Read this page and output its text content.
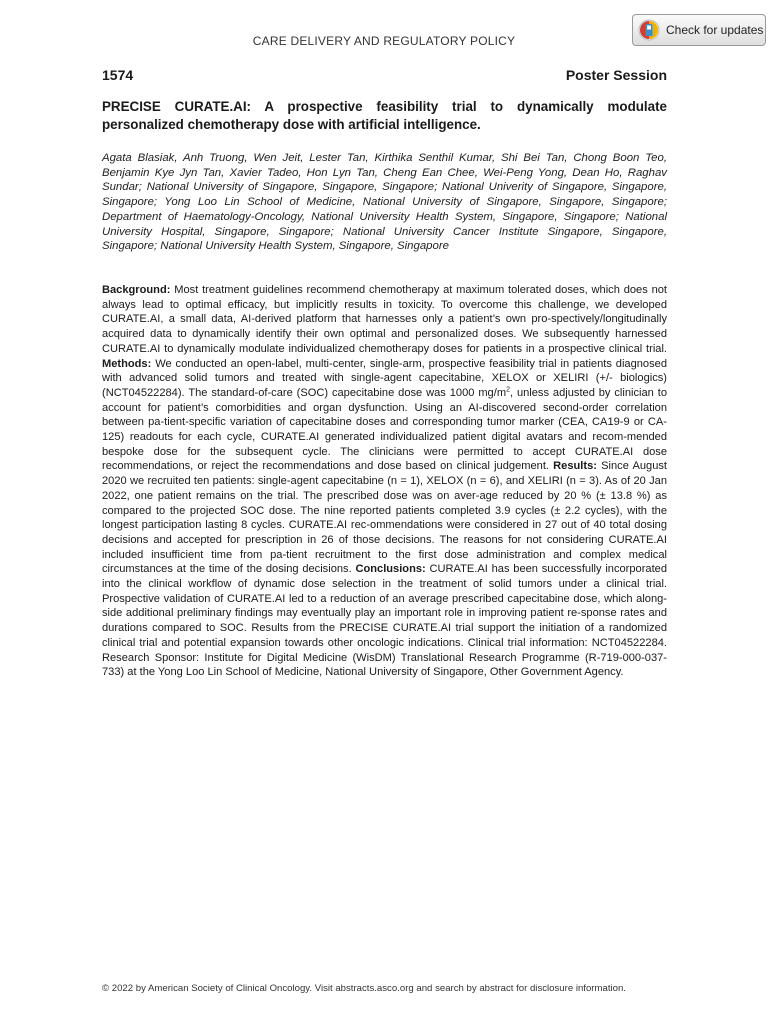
CARE DELIVERY AND REGULATORY POLICY
Check for updates
1574	Poster Session

PRECISE CURATE.AI: A prospective feasibility trial to dynamically modulate personalized chemotherapy dose with artificial intelligence.

Agata Blasiak, Anh Truong, Wen Jeit, Lester Tan, Kirthika Senthil Kumar, Shi Bei Tan, Chong Boon Teo, Benjamin Kye Jyn Tan, Xavier Tadeo, Hon Lyn Tan, Cheng Ean Chee, Wei-Peng Yong, Dean Ho, Raghav Sundar; National University of Singapore, Singapore, Singapore; National Univerity of Singapore, Singapore, Singapore; Yong Loo Lin School of Medicine, National University of Singapore, Singapore, Singapore; Department of Haematology-Oncology, National University Health System, Singapore, Singapore; National University Hospital, Singapore, Singapore; National University Cancer Institute Singapore, Singapore, Singapore; National University Health System, Singapore, Singapore

Background: Most treatment guidelines recommend chemotherapy at maximum tolerated doses, which does not always lead to optimal efficacy, but implicitly results in toxicity. To overcome this challenge, we developed CURATE.AI, a small data, AI-derived platform that harnesses only a patient’s own pro-spectively/longitudinally acquired data to dynamically identify their own optimal and personalized doses. We subsequently harnessed CURATE.AI to dynamically modulate individualized chemotherapy doses for patients in a prospective clinical trial. Methods: We conducted an open-label, multi-center, single-arm, prospective feasibility trial in patients diagnosed with advanced solid tumors and treated with single-agent capecitabine, XELOX or XELIRI (+/- biologics) (NCT04522284). The standard-of-care (SOC) capecitabine dose was 1000 $mg/m^2$, unless adjusted by clinician to account for patient’s comorbidities and organ dysfunction. Using an AI-discovered second-order correlation between pa-tient-specific variation of capecitabine doses and corresponding tumor marker (CEA, CA19-9 or CA-125) readouts for each cycle, CURATE.AI generated individualized patient digital avatars and recom-mended bespoke dose for the subsequent cycle. The clinicians were permitted to accept CURATE.AI dose recommendations, or reject the recommendations and dose based on clinical judgement. Results: Since August 2020 we recruited ten patients: single-agent capecitabine (n = 1), XELOX (n = 6), and XELIRI (n = 3). As of 20 Jan 2022, one patient remains on the trial. The prescribed dose was on aver-age reduced by 20 % (± 13.8 %) as compared to the projected SOC dose. The nine reported patients completed 3.9 cycles (± 2.2 cycles), with the longest participation lasting 8 cycles. CURATE.AI rec-ommendations were considered in 27 out of 40 total dosing decisions and accepted for prescription in 26 of those decisions. The reasons for not considering CURATE.AI included insufficient time from pa-tient recruitment to the first dose administration and complex medical circumstances at the time of the dosing decisions. Conclusions: CURATE.AI has been successfully incorporated into the clinical workflow of dynamic dose selection in the treatment of solid tumors under a clinical trial. Prospective validation of CURATE.AI led to a reduction of an average prescribed capecitabine dose, which along-side additional preliminary findings may eventually play an important role in improving patient re-sponse rates and durations compared to SOC. Results from the PRECISE CURATE.AI trial support the initiation of a randomized clinical trial and potential expansion towards other oncologic indications. Clinical trial information: NCT04522284. Research Sponsor: Institute for Digital Medicine (WisDM) Translational Research Programme (R-719-000-037-733) at the Yong Loo Lin School of Medicine, National University of Singapore, Other Government Agency.

© 2022 by American Society of Clinical Oncology. Visit abstracts.asco.org and search by abstract for disclosure information.
